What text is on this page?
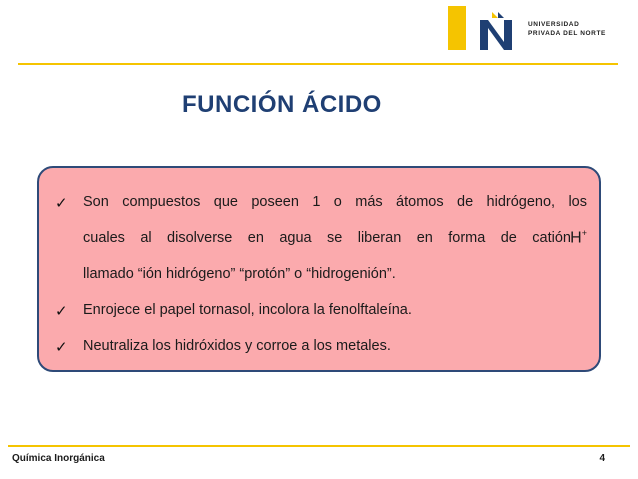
UNIVERSIDAD
PRIVADA DEL NORTE
FUNCIÓN ÁCIDO
✓ Son compuestos que poseen 1 o más átomos de hidrógeno, los
cuales al disolverse en agua se liberan en forma de catión H+
llamado “ión hidrógeno” “protón” o “hidrogenión”.
✓ Enrojece el papel tornasol, incolora la fenolftaleína.
✓ Neutraliza los hidróxidos y corroe a los metales.
Química Inorgánica	4
